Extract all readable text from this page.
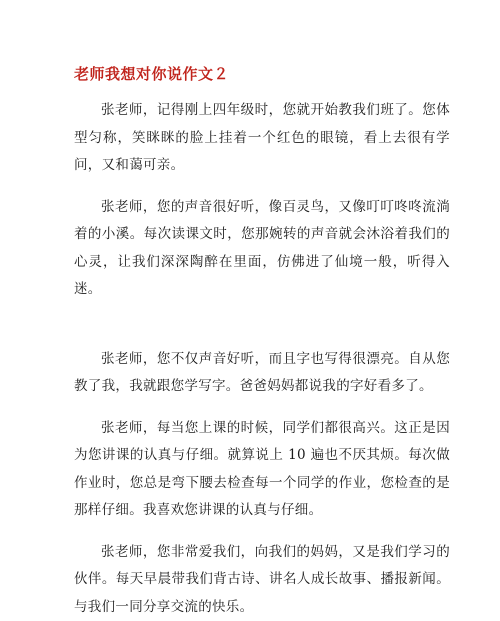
老师我想对你说作文２

张老师，记得刚上四年级时，您就开始教我们班了。您体型匀称，笑眯眯的脸上挂着一个红色的眼镜，看上去很有学问，又和蔼可亲。

张老师，您的声音很好听，像百灵鸟，又像叮叮咚咚流淌着的小溪。每次读课文时，您那婉转的声音就会沐浴着我们的心灵，让我们深深陶醉在里面，仿佛进了仙境一般，听得入迷。

张老师，您不仅声音好听，而且字也写得很漂亮。自从您教了我，我就跟您学写字。爸爸妈妈都说我的字好看多了。

张老师，每当您上课的时候，同学们都很高兴。这正是因为您讲课的认真与仔细。就算说上 10 遍也不厌其烦。每次做作业时，您总是弯下腰去检查每一个同学的作业，您检查的是那样仔细。我喜欢您讲课的认真与仔细。

张老师，您非常爱我们，向我们的妈妈，又是我们学习的伙伴。每天早晨带我们背古诗、讲名人成长故事、播报新闻。与我们一同分享交流的快乐。
